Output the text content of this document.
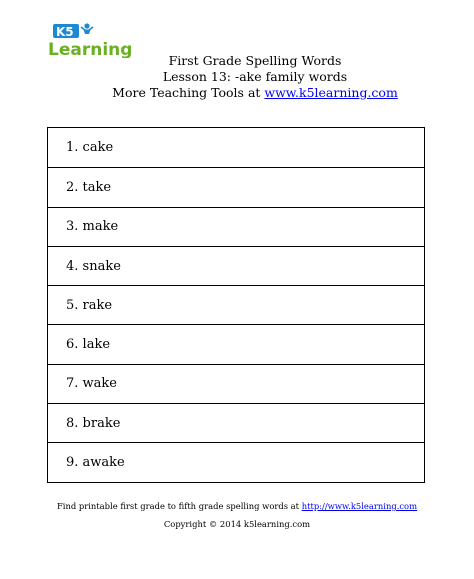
K5
Learning
First Grade Spelling Words
Lesson 13: -ake family words
More Teaching Tools at www.k5learning.com
1. cake
2. take
3. make
4. snake
5. rake
6. lake
7. wake
8. brake
9. awake
Find printable first grade to fifth grade spelling words at http://www.k5learning.com
Copyright © 2014 k5learning.com
